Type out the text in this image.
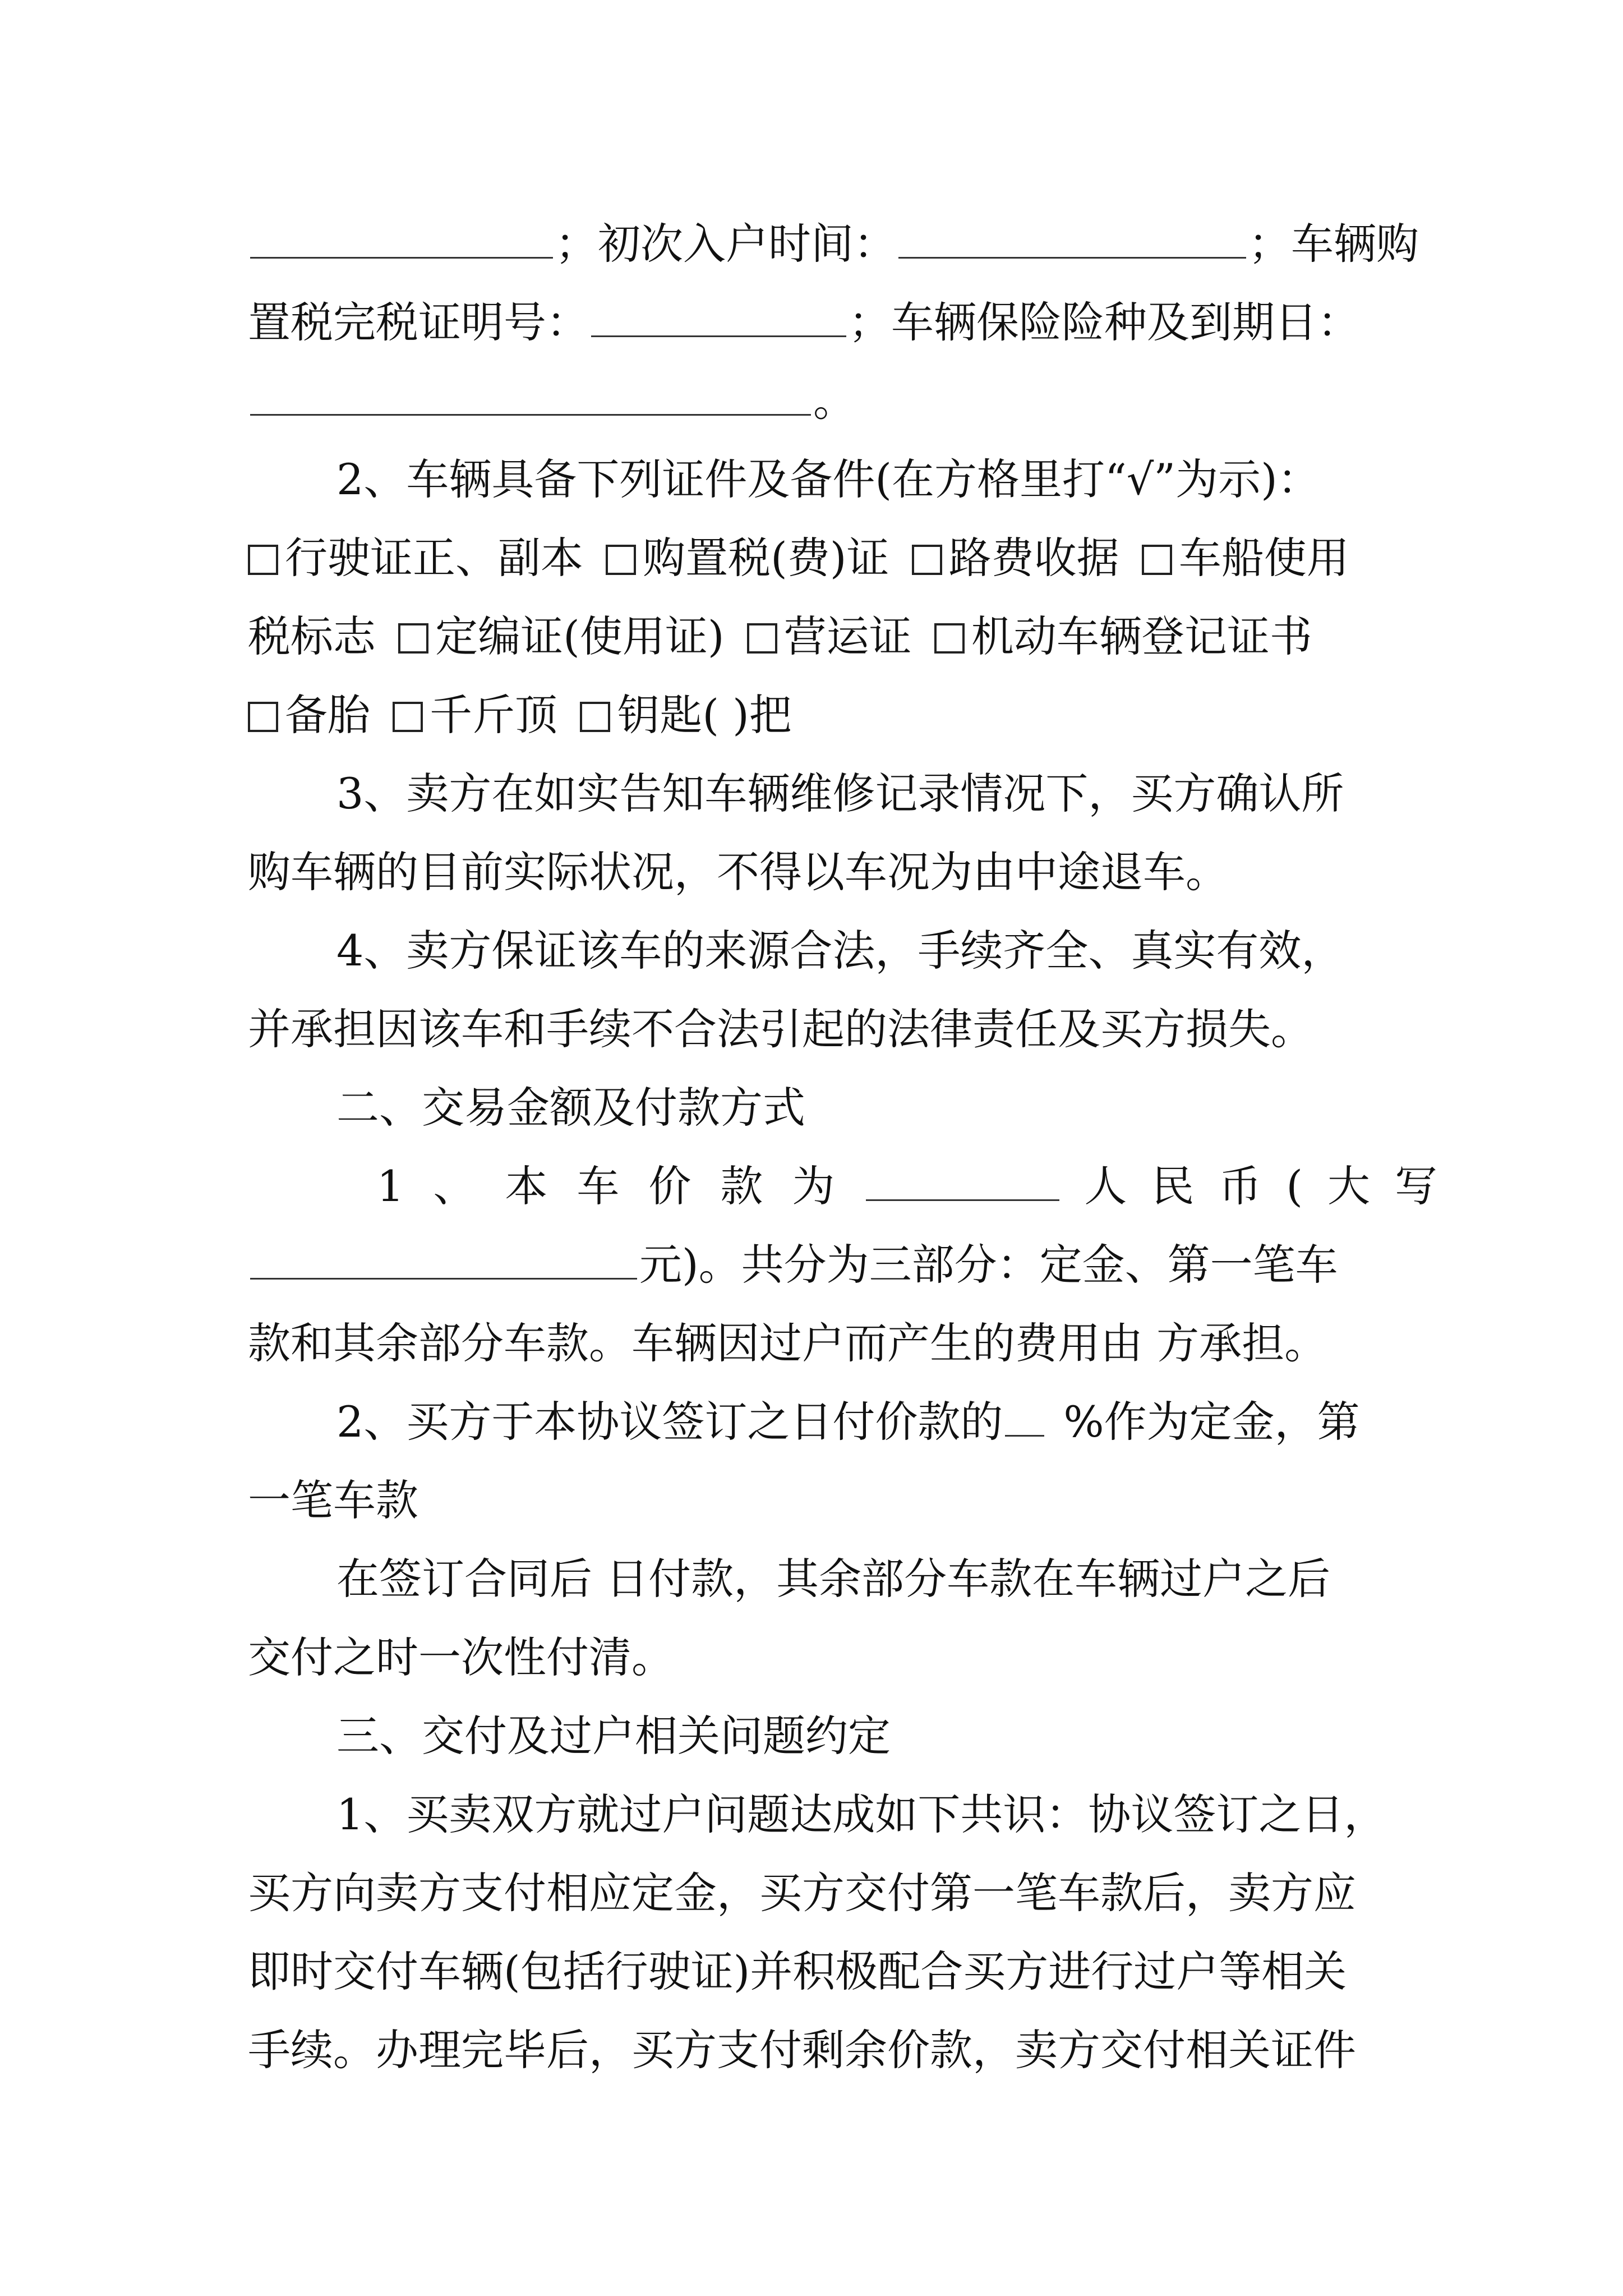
；初次入户时间：	；车辆购
置税完税证明号：	；车辆保险险种及到期日：
。
2、车辆具备下列证件及备件(在方格里打“√”为示)：
行驶证正、副本 购置税(费)证 路费收据 车船使用
税标志 定编证(使用证) 营运证 机动车辆登记证书
备胎 千斤顶 钥匙( )把
3、卖方在如实告知车辆维修记录情况下，买方确认所
购车辆的目前实际状况，不得以车况为由中途退车。
4、卖方保证该车的来源合法，手续齐全、真实有效，
并承担因该车和手续不合法引起的法律责任及买方损失。
二、交易金额及付款方式
1、本车价款为	人民币(大写
元)。共分为三部分：定金、第一笔车
款和其余部分车款。车辆因过户而产生的费用由 方承担。
2、买方于本协议签订之日付价款的 %作为定金，第
一笔车款
在签订合同后 日付款，其余部分车款在车辆过户之后
交付之时一次性付清。
三、交付及过户相关问题约定
1、买卖双方就过户问题达成如下共识：协议签订之日，
买方向卖方支付相应定金，买方交付第一笔车款后，卖方应
即时交付车辆(包括行驶证)并积极配合买方进行过户等相关
手续。办理完毕后，买方支付剩余价款，卖方交付相关证件
